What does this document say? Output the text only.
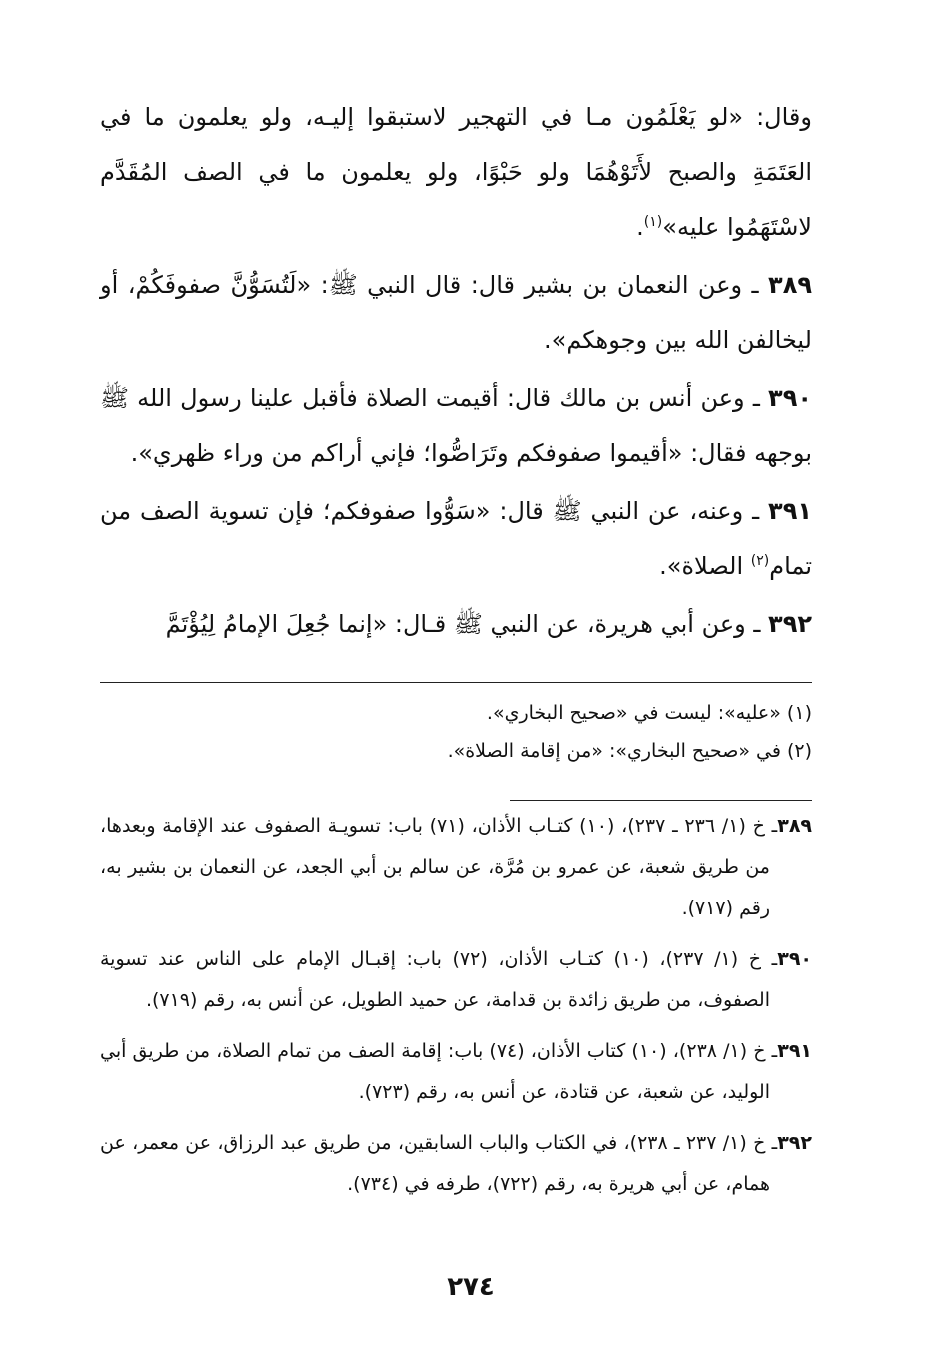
وقال: «لو يَعْلَمُون مـا في التهجير لاستبقوا إليـه، ولو يعلمون ما في العَتَمَةِ والصبح لأَتَوْهُمَا ولو حَبْوًا، ولو يعلمون ما في الصف المُقَدَّم لاسْتَهَمُوا عليه»$^{(١)}$.

٣٨٩ ـ وعن النعمان بن بشير قال: قال النبي ﷺ: «لَتُسَوُّنَّ صفوفَكُمْ، أو ليخالفن الله بين وجوهكم».

٣٩٠ ـ وعن أنس بن مالك قال: أقيمت الصلاة فأقبل علينا رسول الله ﷺ بوجهه فقال: «أقيموا صفوفكم وتَرَاصُّوا؛ فإني أراكم من وراء ظهري».

٣٩١ ـ وعنه، عن النبي ﷺ قال: «سَوُّوا صفوفكم؛ فإن تسوية الصف من تمام$^{(٢)}$ الصلاة».

٣٩٢ ـ وعن أبي هريرة، عن النبي ﷺ قـال: «إنما جُعِلَ الإمامُ لِيُؤْتَمَّ

(١) «عليه»: ليست في «صحيح البخاري».

(٢) في «صحيح البخاري»: «من إقامة الصلاة».

٣٨٩ـ خ (١/ ٢٣٦ ـ ٢٣٧)، (١٠) كتـاب الأذان، (٧١) باب: تسويـة الصفوف عند الإقامة وبعدها، من طريق شعبة، عن عمرو بن مُرَّة، عن سالم بن أبي الجعد، عن النعمان بن بشير به، رقم (٧١٧).

٣٩٠ـ خ (١/ ٢٣٧)، (١٠) كتـاب الأذان، (٧٢) باب: إقبـال الإمام على الناس عند تسوية الصفوف، من طريق زائدة بن قدامة، عن حميد الطويل، عن أنس به، رقم (٧١٩).

٣٩١ـ خ (١/ ٢٣٨)، (١٠) كتاب الأذان، (٧٤) باب: إقامة الصف من تمام الصلاة، من طريق أبي الوليد، عن شعبة، عن قتادة، عن أنس به، رقم (٧٢٣).

٣٩٢ـ خ (١/ ٢٣٧ ـ ٢٣٨)، في الكتاب والباب السابقين، من طريق عبد الرزاق، عن معمر، عن همام، عن أبي هريرة به، رقم (٧٢٢)، طرفه في (٧٣٤).

٢٧٤
